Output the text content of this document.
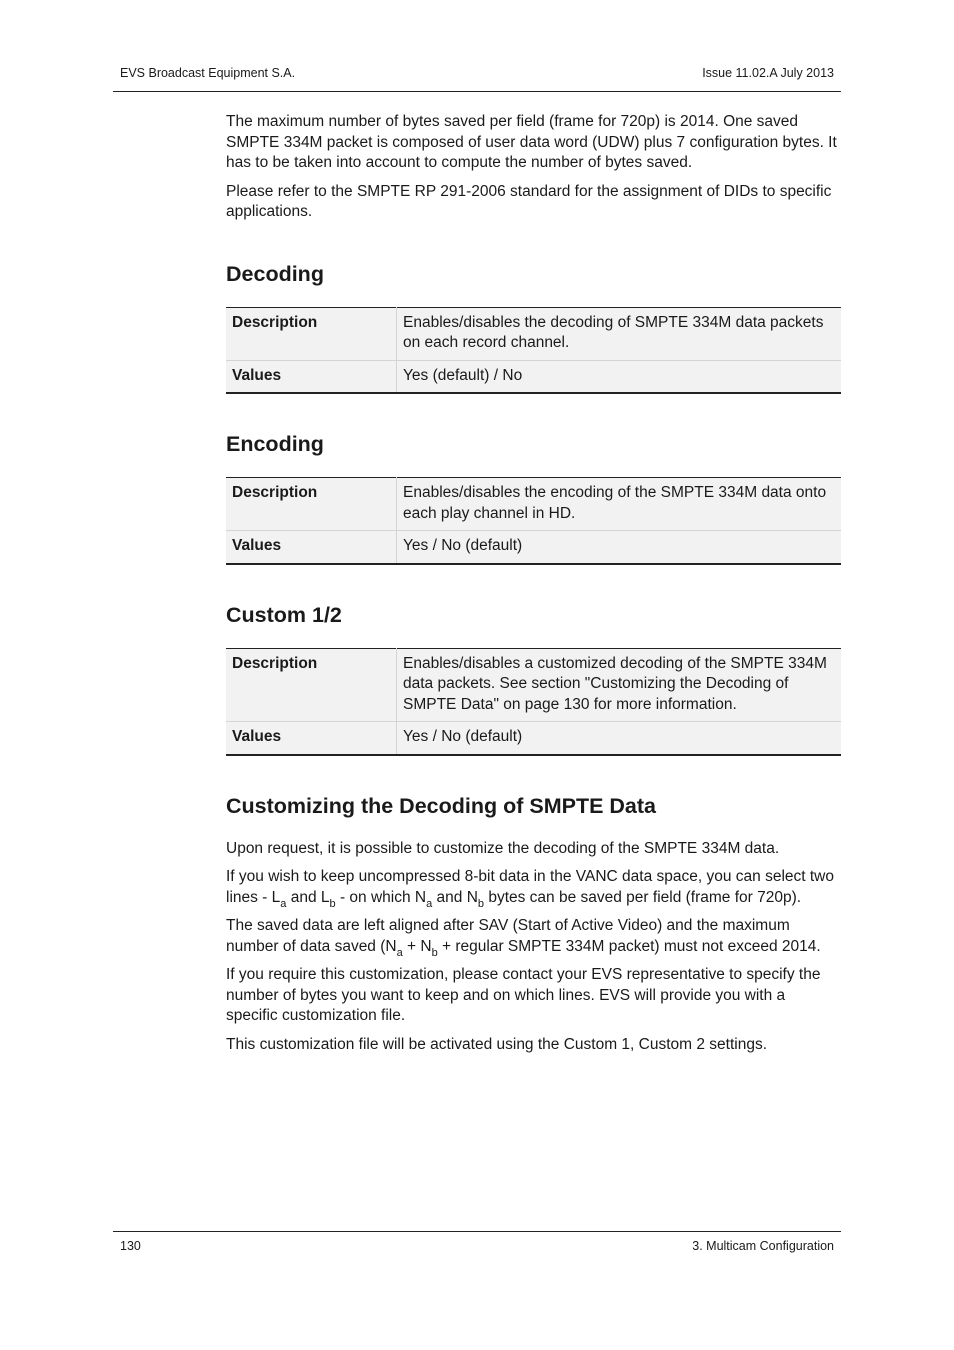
EVS Broadcast Equipment S.A.	Issue 11.02.A July 2013

The maximum number of bytes saved per field (frame for 720p) is 2014. One saved SMPTE 334M packet is composed of user data word (UDW) plus 7 configuration bytes. It has to be taken into account to compute the number of bytes saved.

Please refer to the SMPTE RP 291-2006 standard for the assignment of DIDs to specific applications.

Decoding
Description	Enables/disables the decoding of SMPTE 334M data packets on each record channel.
Values	Yes (default) / No
Encoding
Description	Enables/disables the encoding of the SMPTE 334M data onto each play channel in HD.
Values	Yes / No (default)
Custom 1/2
Description	Enables/disables a customized decoding of the SMPTE 334M data packets. See section "Customizing the Decoding of SMPTE Data" on page 130 for more information.
Values	Yes / No (default)
Customizing the Decoding of SMPTE Data

Upon request, it is possible to customize the decoding of the SMPTE 334M data.

If you wish to keep uncompressed 8-bit data in the VANC data space, you can select two lines - $L_a$ and $L_b$ - on which $N_a$ and $N_b$ bytes can be saved per field (frame for 720p).

The saved data are left aligned after SAV (Start of Active Video) and the maximum number of data saved ($N_a + N_b$ + regular SMPTE 334M packet) must not exceed 2014.

If you require this customization, please contact your EVS representative to specify the number of bytes you want to keep and on which lines. EVS will provide you with a specific customization file.

This customization file will be activated using the Custom 1, Custom 2 settings.

130	3. Multicam Configuration
